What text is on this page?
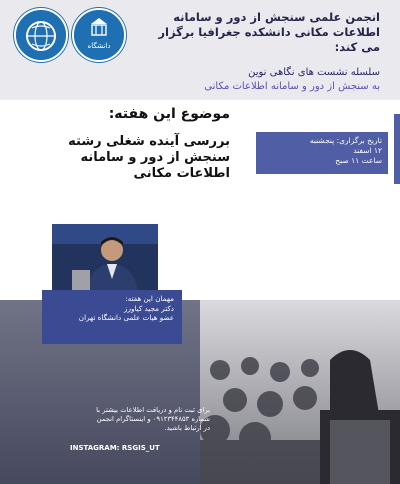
دانشگاه
انجمن علمی سنجش از دور و سامانه
اطلاعات مکانی دانشکده جغرافیا برگزار
می کند:
سلسله نشست های نگاهی نوین
به سنجش از دور و سامانه اطلاعات مکانی
موضوع این هفته:
بررسی آینده شغلی رشته
سنجش از دور و سامانه
اطلاعات مکانی
تاریخ برگزاری: پنجشنبه
۱۲ اسفند
ساعت ۱۱ صبح
مهمان این هفته:
دکتر مجید کیاورز
عضو هیات علمی دانشگاه تهران
برای ثبت نام و دریافت اطلاعات بیشتر با
شماره ۰۹۱۲۳۴۴۸۵۳ و اینستاگرام انجمن
در ارتباط باشید.
INSTAGRAM: RSGIS_UT
